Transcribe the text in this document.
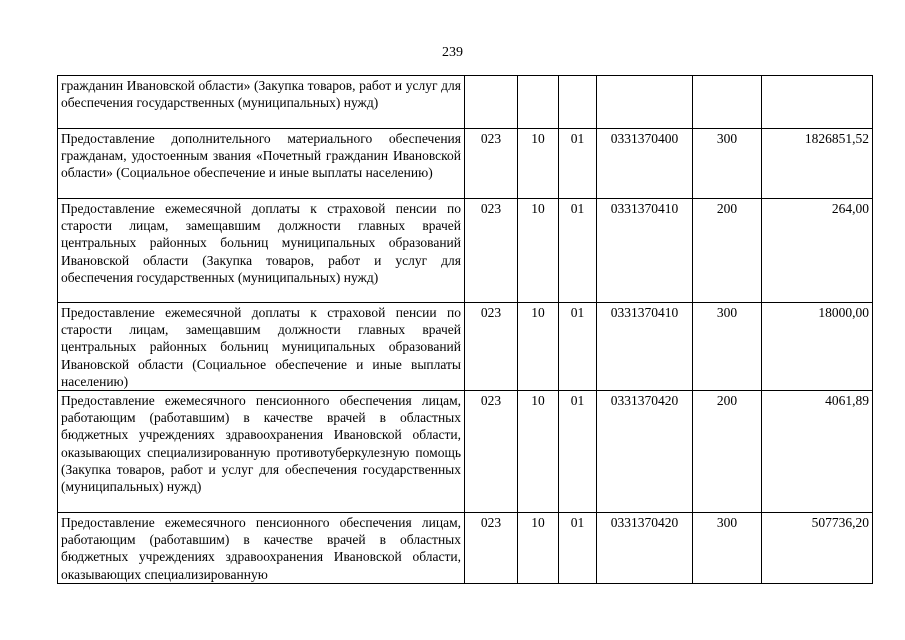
239
гражданин Ивановской области» (Закупка товаров, работ и услуг для обеспечения государственных (муниципальных) нужд)						
Предоставление дополнительного материального обеспечения гражданам, удостоенным звания «Почетный гражданин Ивановской области» (Социальное обеспечение и иные выплаты населению)	023	10	01	0331370400	300	1826851,52
Предоставление ежемесячной доплаты к страховой пенсии по старости лицам, замещавшим должности главных врачей центральных районных больниц муниципальных образований Ивановской области (Закупка товаров, работ и услуг для обеспечения государственных (муниципальных) нужд)	023	10	01	0331370410	200	264,00
Предоставление ежемесячной доплаты к страховой пенсии по старости лицам, замещавшим должности главных врачей центральных районных больниц муниципальных образований Ивановской области (Социальное обеспечение и иные выплаты населению)	023	10	01	0331370410	300	18000,00
Предоставление ежемесячного пенсионного обеспечения лицам, работающим (работавшим) в качестве врачей в областных бюджетных учреждениях здравоохранения Ивановской области, оказывающих специализированную противотуберкулезную помощь (Закупка товаров, работ и услуг для обеспечения государственных (муниципальных) нужд)	023	10	01	0331370420	200	4061,89
Предоставление ежемесячного пенсионного обеспечения лицам, работающим (работавшим) в качестве врачей в областных бюджетных учреждениях здравоохранения Ивановской области, оказывающих специализированную	023	10	01	0331370420	300	507736,20
